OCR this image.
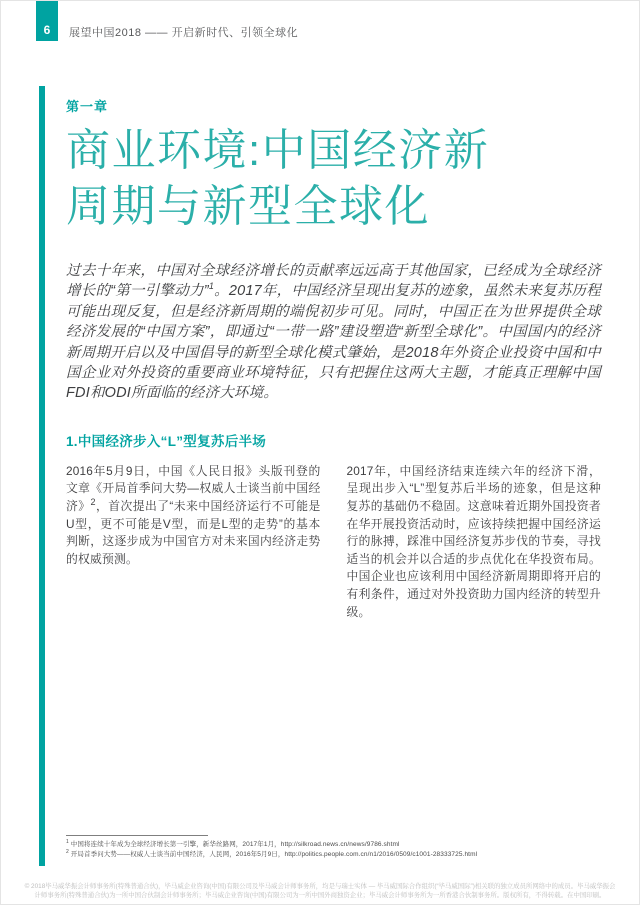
6 展望中国2018 —— 开启新时代、引领全球化
第一章
商业环境:中国经济新
周期与新型全球化
过去十年来，中国对全球经济增长的贡献率远远高于其他国家，已经成为全球经济增长的“第一引擎动力”$^1$。2017年，中国经济呈现出复苏的迹象，虽然未来复苏历程可能出现反复，但是经济新周期的端倪初步可见。同时，中国正在为世界提供全球经济发展的“中国方案”，即通过“一带一路”建设塑造“新型全球化”。中国国内的经济新周期开启以及中国倡导的新型全球化模式肇始，是2018年外资企业投资中国和中国企业对外投资的重要商业环境特征，只有把握住这两大主题，才能真正理解中国FDI和ODI所面临的经济大环境。
1.中国经济步入“L”型复苏后半场
2016年5月9日，中国《人民日报》头版刊登的文章《开局首季问大势—权威人士谈当前中国经济》$^2$，首次提出了“未来中国经济运行不可能是U型，更不可能是V型，而是L型的走势”的基本判断，这逐步成为中国官方对未来国内经济走势的权威预测。
2017年，中国经济结束连续六年的经济下滑，呈现出步入“L”型复苏后半场的迹象，但是这种复苏的基础仍不稳固。这意味着近期外国投资者在华开展投资活动时，应该持续把握中国经济运行的脉搏，踩准中国经济复苏步伐的节奏，寻找适当的机会并以合适的步点优化在华投资布局。中国企业也应该利用中国经济新周期即将开启的有利条件，通过对外投资助力国内经济的转型升级。
$^1$ 中国将连续十年成为全球经济增长第一引擎，新华丝路网，2017年1月，http://silkroad.news.cn/news/9786.shtml
$^2$ 开局首季问大势——权威人士谈当前中国经济，人民网，2016年5月9日，http://politics.people.com.cn/n1/2016/0509/c1001-28333725.html
© 2018毕马威华振会计师事务所(特殊普通合伙)，毕马威企业咨询(中国)有限公司及毕马威会计师事务所，均是与瑞士实体 — 毕马威国际合作组织(“毕马威国际”)相关联的独立成员所网络中的成员。毕马威华振会计师事务所(特殊普通合伙)为一所中国合伙制会计师事务所；毕马威企业咨询(中国)有限公司为一所中国外商独资企业；毕马威会计师事务所为一所香港合伙制事务所。版权所有，不得转载。在中国印刷。
